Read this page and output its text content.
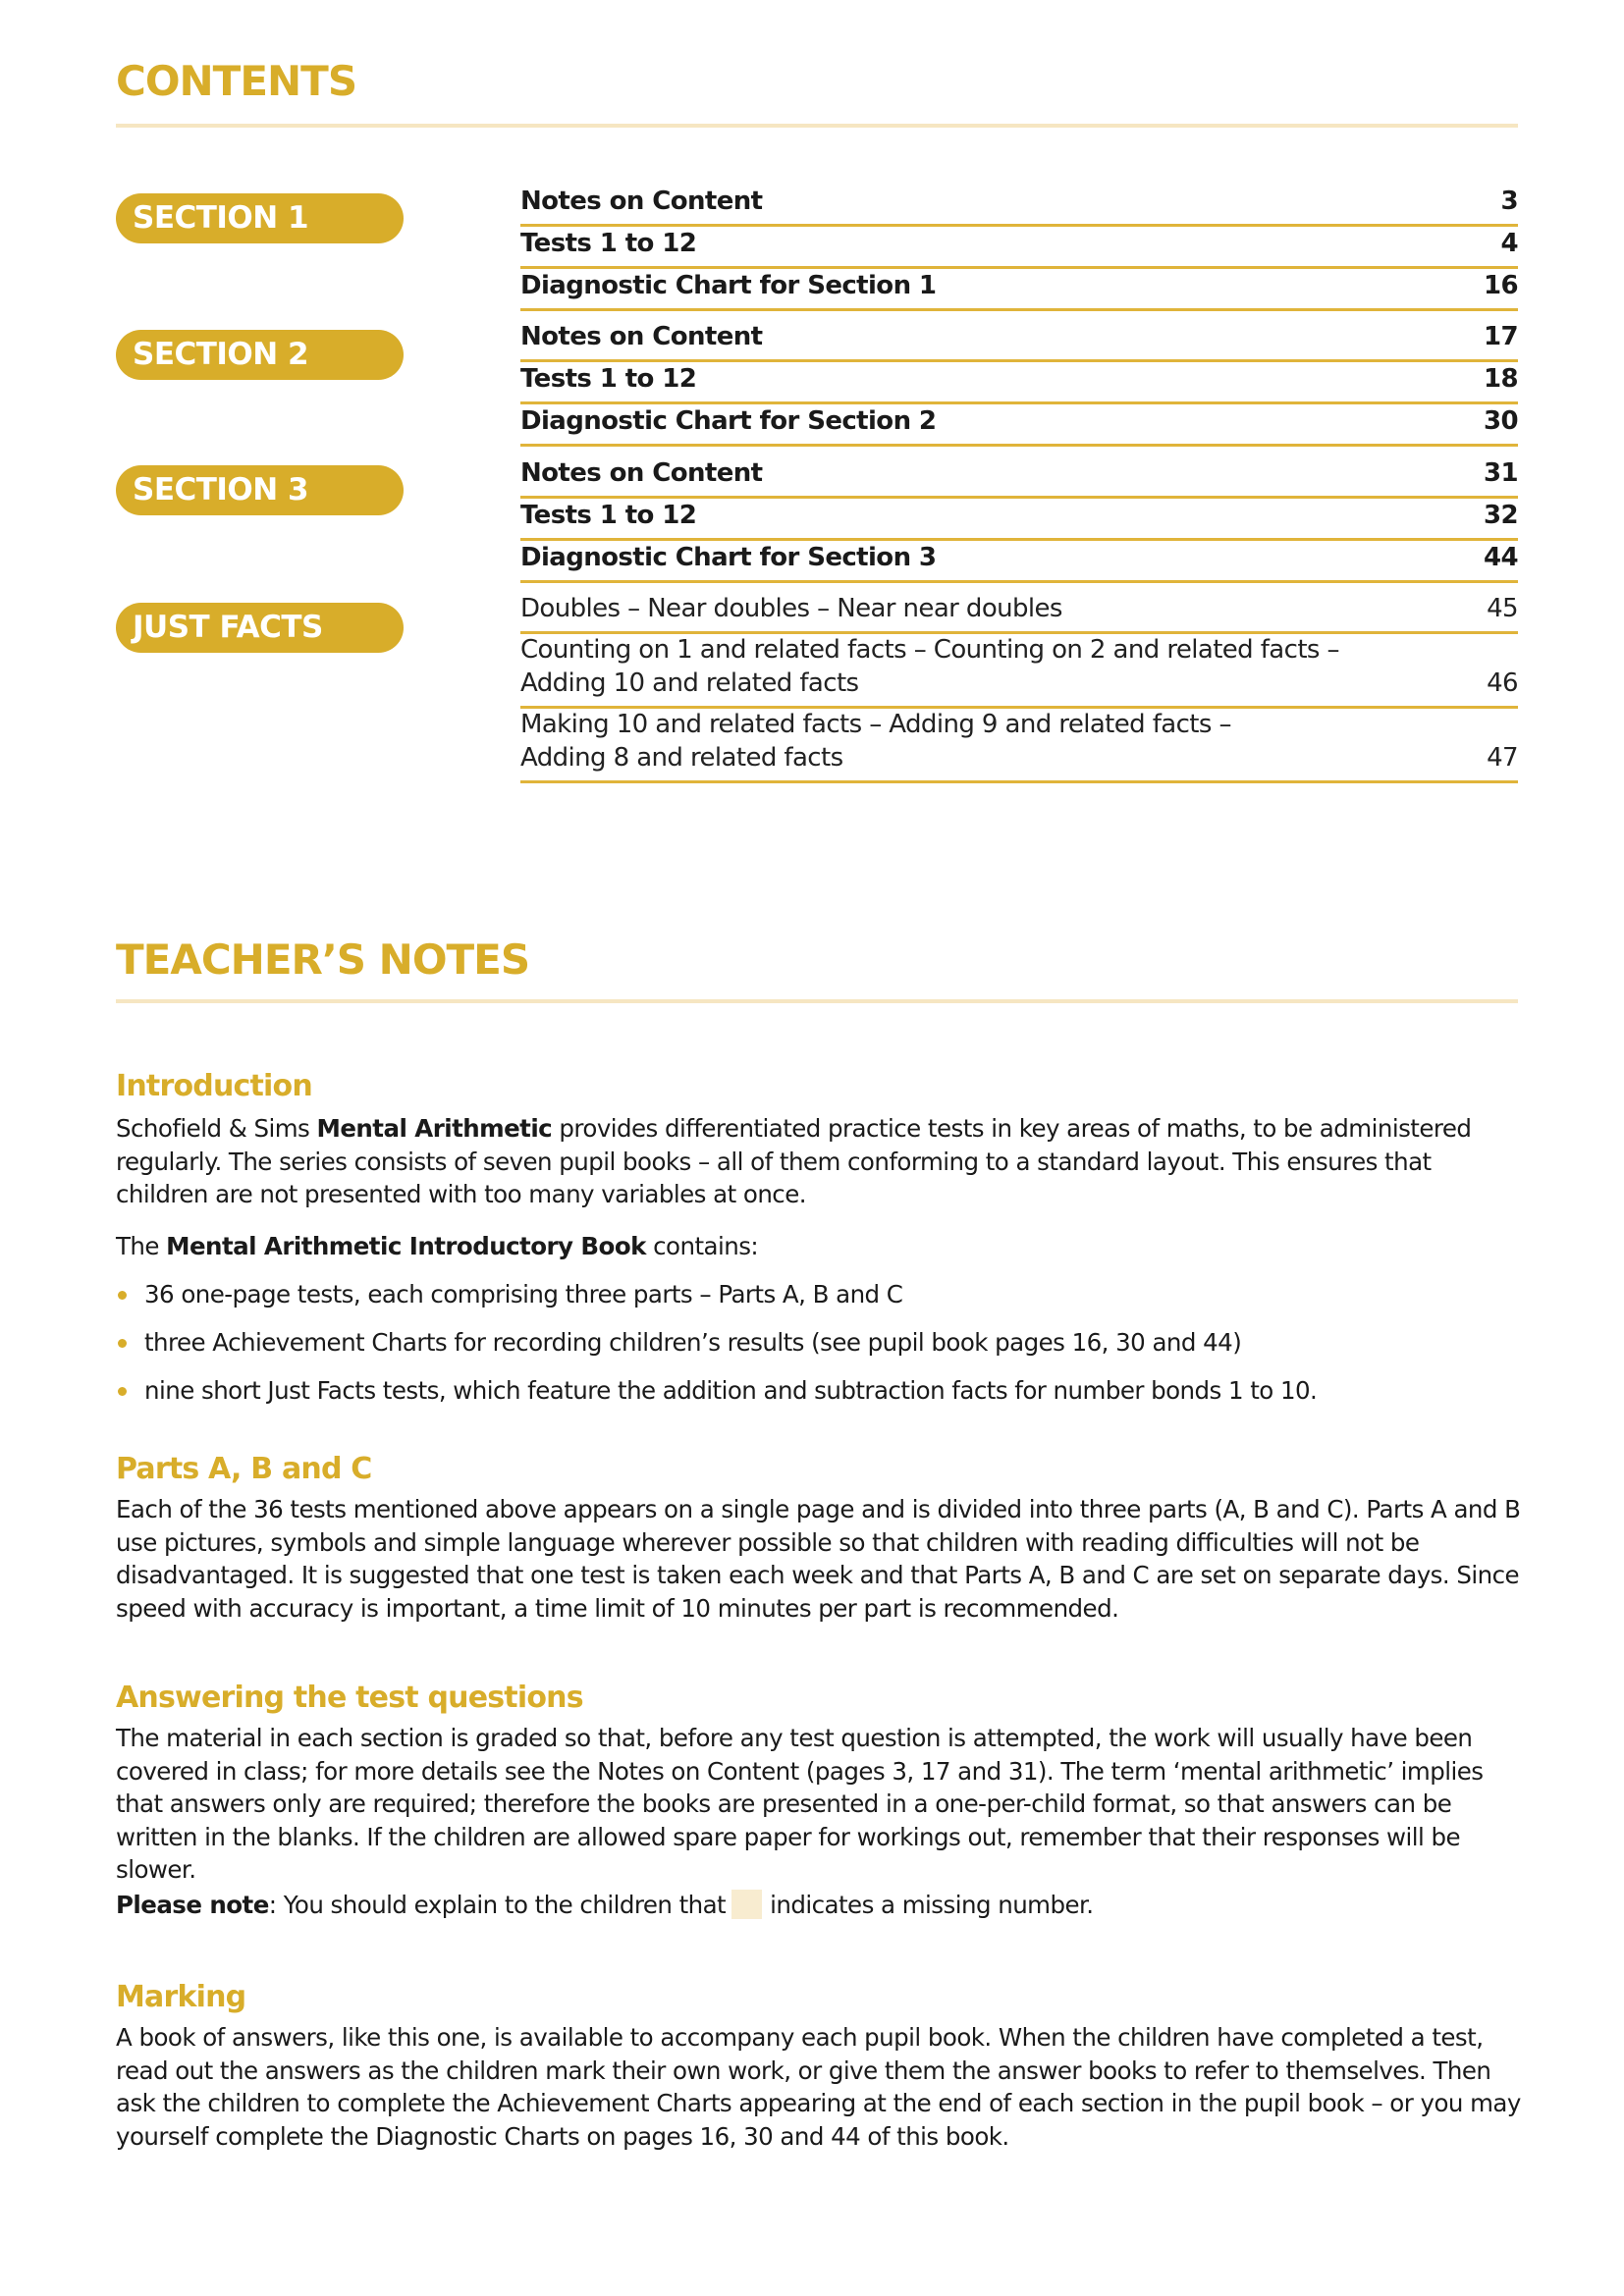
CONTENTS
SECTION 1	Notes on Content	3
Tests 1 to 12	4
Diagnostic Chart for Section 1	16
SECTION 2	Notes on Content	17
Tests 1 to 12	18
Diagnostic Chart for Section 2	30
SECTION 3	Notes on Content	31
Tests 1 to 12	32
Diagnostic Chart for Section 3	44
JUST FACTS
Doubles – Near doubles – Near near doubles	45
Counting on 1 and related facts – Counting on 2 and related facts –
Adding 10 and related facts	46
Making 10 and related facts – Adding 9 and related facts –
Adding 8 and related facts	47
TEACHER’S NOTES
Introduction

Schofield & Sims Mental Arithmetic provides differentiated practice tests in key areas of maths, to be administered regularly. The series consists of seven pupil books – all of them conforming to a standard layout. This ensures that children are not presented with too many variables at once.

The Mental Arithmetic Introductory Book contains:

36 one-page tests, each comprising three parts – Parts A, B and C
three Achievement Charts for recording children’s results (see pupil book pages 16, 30 and 44)
nine short Just Facts tests, which feature the addition and subtraction facts for number bonds 1 to 10.
Parts A, B and C

Each of the 36 tests mentioned above appears on a single page and is divided into three parts (A, B and C). Parts A and B use pictures, symbols and simple language wherever possible so that children with reading difficulties will not be disadvantaged. It is suggested that one test is taken each week and that Parts A, B and C are set on separate days. Since speed with accuracy is important, a time limit of 10 minutes per part is recommended.

Answering the test questions

The material in each section is graded so that, before any test question is attempted, the work will usually have been covered in class; for more details see the Notes on Content (pages 3, 17 and 31). The term ‘mental arithmetic’ implies that answers only are required; therefore the books are presented in a one-per-child format, so that answers can be written in the blanks. If the children are allowed spare paper for workings out, remember that their responses will be slower.

Please note: You should explain to the children that indicates a missing number.

Marking

A book of answers, like this one, is available to accompany each pupil book. When the children have completed a test, read out the answers as the children mark their own work, or give them the answer books to refer to themselves. Then ask the children to complete the Achievement Charts appearing at the end of each section in the pupil book – or you may yourself complete the Diagnostic Charts on pages 16, 30 and 44 of this book.
